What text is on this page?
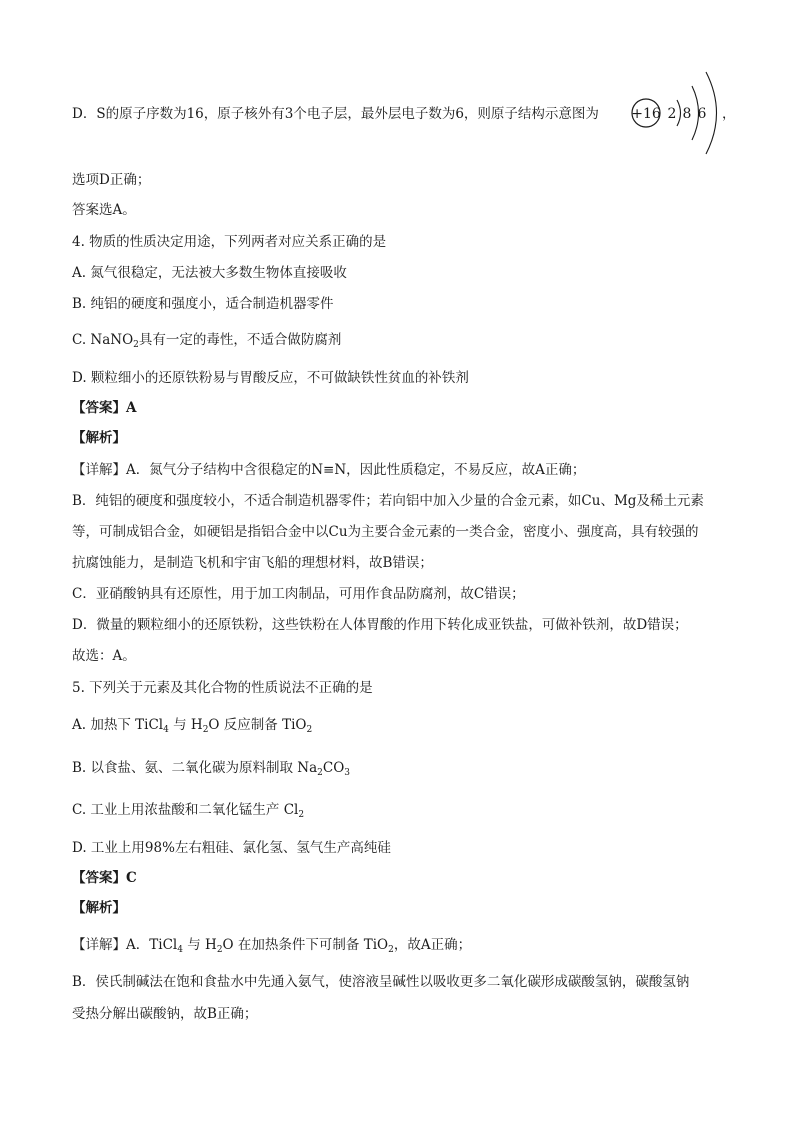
D．S的原子序数为16，原子核外有3个电子层，最外层电子数为6，则原子结构示意图为 +16 2 8 6 ，
选项D正确；
答案选A。
4. 物质的性质决定用途，下列两者对应关系正确的是
A. 氮气很稳定，无法被大多数生物体直接吸收
B. 纯铝的硬度和强度小，适合制造机器零件
C. NaNO$_2$具有一定的毒性，不适合做防腐剂
D. 颗粒细小的还原铁粉易与胃酸反应，不可做缺铁性贫血的补铁剂
【答案】A
【解析】
【详解】A．氮气分子结构中含很稳定的N≡N，因此性质稳定，不易反应，故A正确；
B．纯铝的硬度和强度较小，不适合制造机器零件；若向铝中加入少量的合金元素，如Cu、Mg及稀土元素
等，可制成铝合金，如硬铝是指铝合金中以Cu为主要合金元素的一类合金，密度小、强度高，具有较强的
抗腐蚀能力，是制造飞机和宇宙飞船的理想材料，故B错误；
C．亚硝酸钠具有还原性，用于加工肉制品，可用作食品防腐剂，故C错误；
D．微量的颗粒细小的还原铁粉，这些铁粉在人体胃酸的作用下转化成亚铁盐，可做补铁剂，故D错误；
故选：A。
5. 下列关于元素及其化合物的性质说法不正确的是
A. 加热下 TiCl$_4$ 与 $H_2O$ 反应制备 TiO$_2$
B. 以食盐、氨、二氧化碳为原料制取 $Na_2CO_3$
C. 工业上用浓盐酸和二氧化锰生产 $Cl_2$
D. 工业上用98%左右粗硅、氯化氢、氢气生产高纯硅
【答案】C
【解析】
【详解】A．TiCl$_4$ 与 $H_2O$ 在加热条件下可制备 TiO$_2$，故A正确；
B．侯氏制碱法在饱和食盐水中先通入氨气，使溶液呈碱性以吸收更多二氧化碳形成碳酸氢钠，碳酸氢钠
受热分解出碳酸钠，故B正确；
